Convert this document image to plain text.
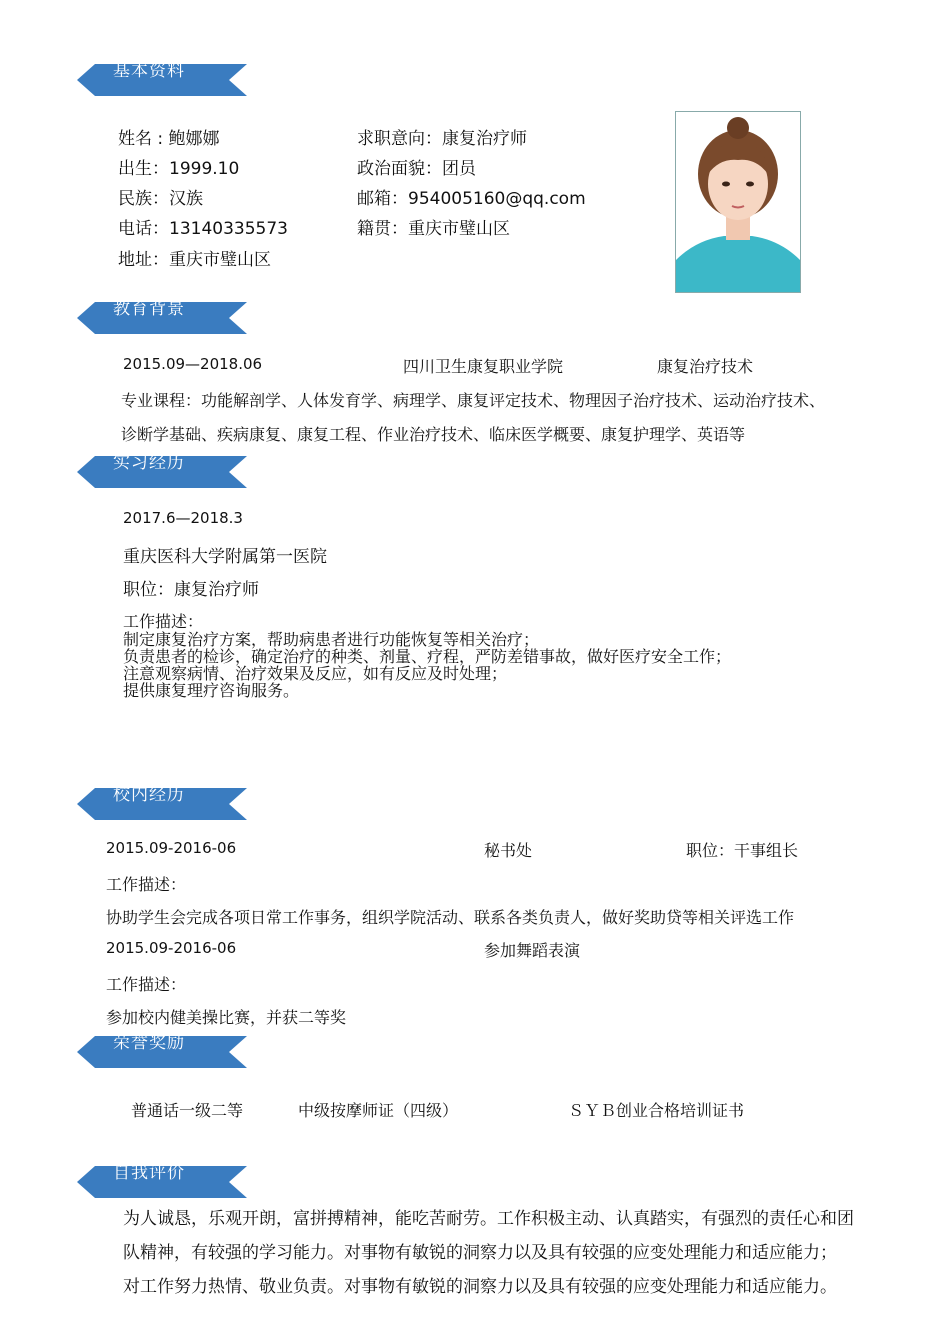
基本资料
姓名 : 鲍娜娜
出生：1999.10
民族：汉族
电话：13140335573
地址：重庆市璧山区
求职意向：康复治疗师
政治面貌：团员
邮箱：954005160@qq.com
籍贯：重庆市璧山区
教育背景
2015.09—2018.06	四川卫生康复职业学院	康复治疗技术
专业课程：功能解剖学、人体发育学、病理学、康复评定技术、物理因子治疗技术、运动治疗技术、
诊断学基础、疾病康复、康复工程、作业治疗技术、临床医学概要、康复护理学、英语等
实习经历
2017.6—2018.3
重庆医科大学附属第一医院
职位：康复治疗师
工作描述：
制定康复治疗方案，帮助病患者进行功能恢复等相关治疗；
负责患者的检诊，确定治疗的种类、剂量、疗程，严防差错事故，做好医疗安全工作；
注意观察病情、治疗效果及反应，如有反应及时处理；
提供康复理疗咨询服务。
校内经历
2015.09-2016-06	秘书处	职位：干事组长
工作描述：
协助学生会完成各项日常工作事务，组织学院活动、联系各类负责人，做好奖助贷等相关评选工作
2015.09-2016-06	参加舞蹈表演
工作描述：
参加校内健美操比赛，并获二等奖
荣誉奖励
普通话一级二等	中级按摩师证（四级）	ＳＹＢ创业合格培训证书
自我评价
为人诚恳，乐观开朗，富拼搏精神，能吃苦耐劳。工作积极主动、认真踏实，有强烈的责任心和团
队精神，有较强的学习能力。对事物有敏锐的洞察力以及具有较强的应变处理能力和适应能力；
对工作努力热情、敬业负责。对事物有敏锐的洞察力以及具有较强的应变处理能力和适应能力。
